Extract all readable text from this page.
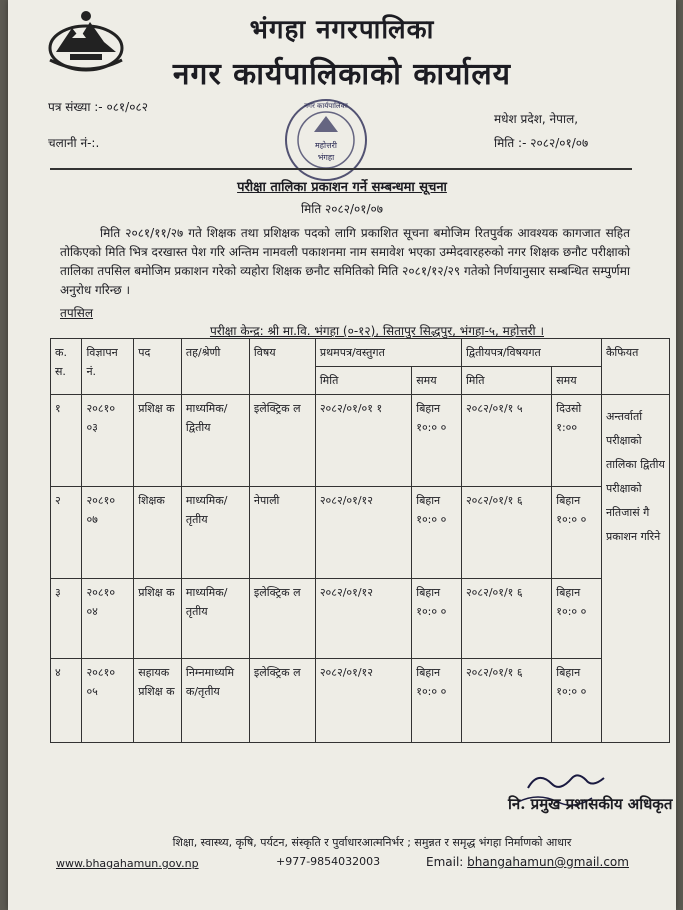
भंगहा नगरपालिका
नगर कार्यपालिकाको कार्यालय
पत्र संख्या :- ०८१/०८२
चलानी नं-:.
मधेश प्रदेश, नेपाल,
मिति :- २०८२/०१/०७
महोत्तरी
भंगहा
नगर कार्यपालिका
परीक्षा तालिका प्रकाशन गर्ने सम्बन्धमा सूचना
मिति २०८२/०१/०७
मिति २०८१/११/२७ गते शिक्षक तथा प्रशिक्षक पदको लागि प्रकाशित सूचना बमोजिम रितपुर्वक आवश्यक कागजात सहित तोकिएको मिति भित्र दरखास्त पेश गरि अन्तिम नामवली पकाशनमा नाम समावेश भएका उम्मेदवारहरुको नगर शिक्षक छनौट परीक्षाको तालिका तपसिल बमोजिम प्रकाशन गरेको व्यहोरा शिक्षक छनौट समितिको मिति २०८१/१२/२९ गतेको निर्णयानुसार सम्बन्धित सम्पुर्णमा अनुरोध गरिन्छ ।
तपसिल
परीक्षा केन्द्र: श्री मा.वि. भंगहा (०-१२), सितापुर सिद्धपुर, भंगहा-५, महोत्तरी ।
क. स.	विज्ञापन नं.	पद	तह/श्रेणी	विषय	प्रथमपत्र/वस्तुगत		द्वितीयपत्र/विषयगत		कैफियत
					मिति	समय	मिति	समय	
१	२०८१० ०३	प्रशिक्ष क	माध्यमिक/ द्वितीय	इलेक्ट्रिक ल	२०८२/०१/०१ १	बिहान १०:० ०	२०८२/०१/१ ५	दिउसो १:००	अन्तर्वार्ता परीक्षाको तालिका द्वितीय परीक्षाको नतिजासं गै प्रकाशन गरिने
२	२०८१० ०७	शिक्षक	माध्यमिक/ तृतीय	नेपाली	२०८२/०१/१२	बिहान १०:० ०	२०८२/०१/१ ६	बिहान १०:० ०	
३	२०८१० ०४	प्रशिक्ष क	माध्यमिक/ तृतीय	इलेक्ट्रिक ल	२०८२/०१/१२	बिहान १०:० ०	२०८२/०१/१ ६	बिहान १०:० ०	
४	२०८१० ०५	सहायक प्रशिक्ष क	निम्नमाध्यमि क/तृतीय	इलेक्ट्रिक ल	२०८२/०१/१२	बिहान १०:० ०	२०८२/०१/१ ६	बिहान १०:० ०	
नि. प्रमुख प्रशासकीय अधिकृत
शिक्षा, स्वास्थ्य, कृषि, पर्यटन, संस्कृति र पुर्वाधारआत्मनिर्भर ; समुन्नत र समृद्ध भंगहा निर्माणको आधार
www.bhagahamun.gov.np	+977-9854032003	Email: bhangahamun@gmail.com
